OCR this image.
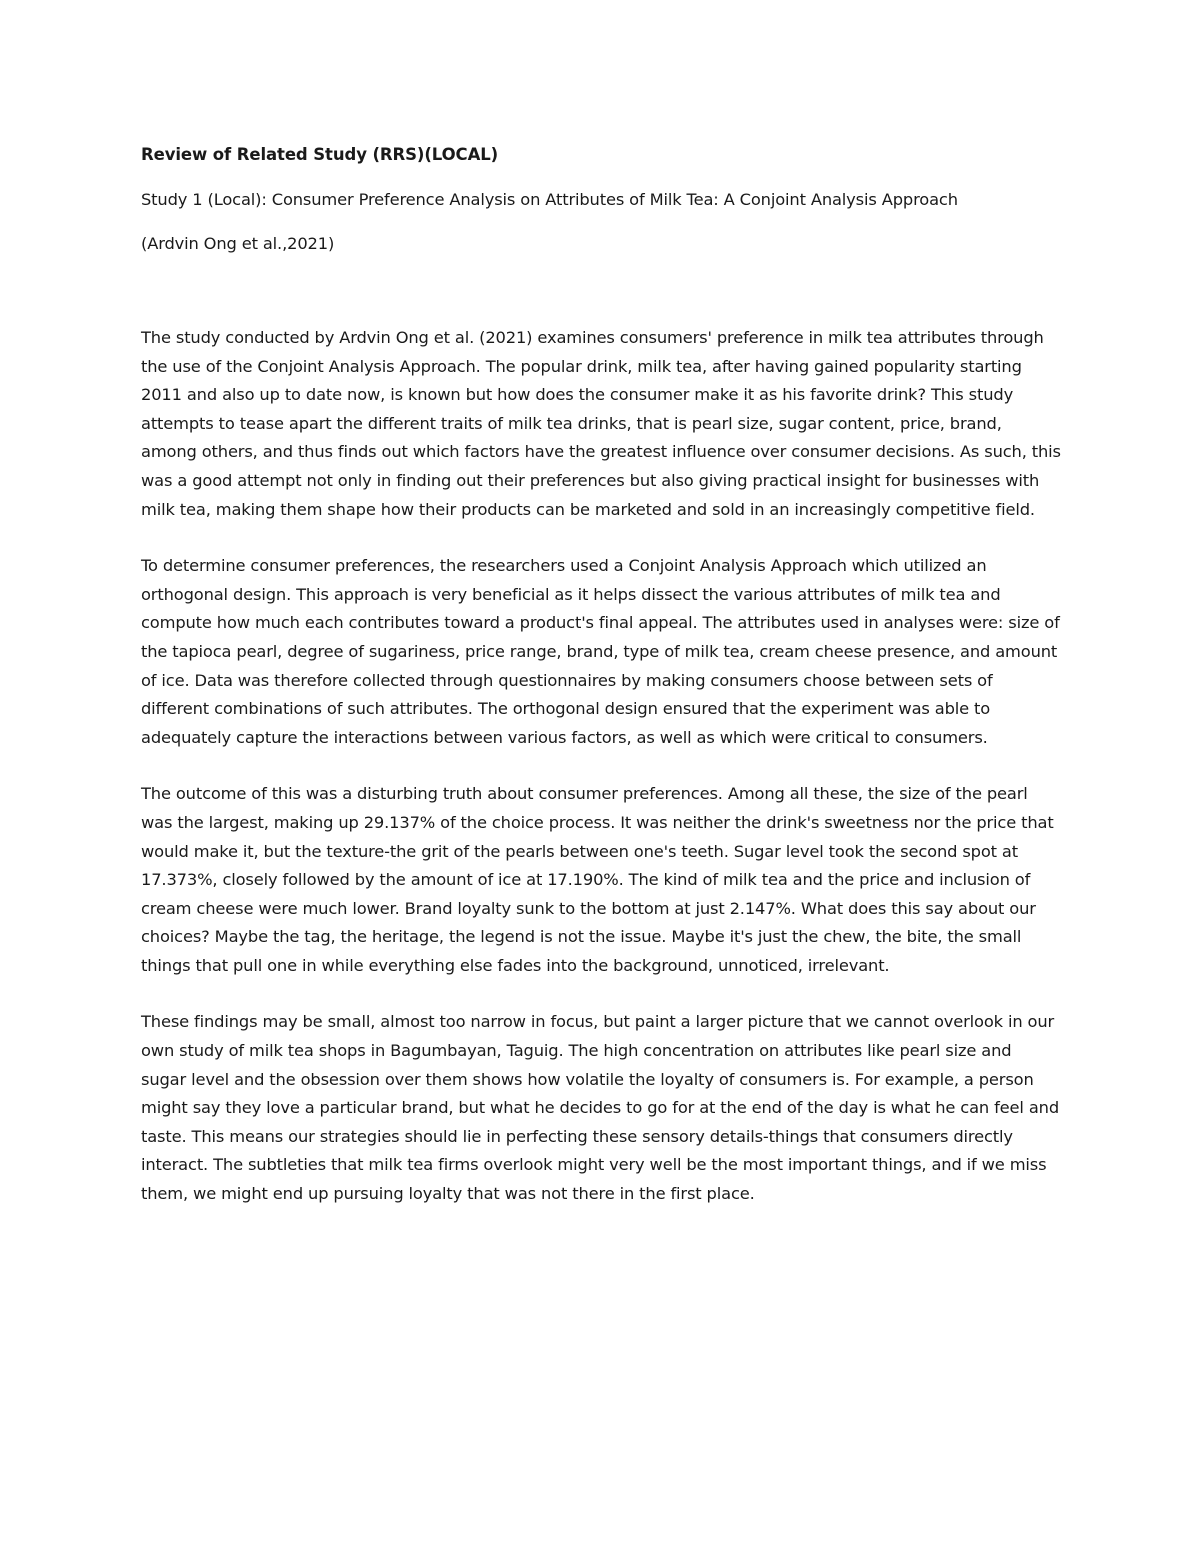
Review of Related Study (RRS)(LOCAL)
Study 1 (Local): Consumer Preference Analysis on Attributes of Milk Tea: A Conjoint Analysis Approach
(Ardvin Ong et al.,2021)

The study conducted by Ardvin Ong et al. (2021) examines consumers' preference in milk tea attributes through the use of the Conjoint Analysis Approach. The popular drink, milk tea, after having gained popularity starting 2011 and also up to date now, is known but how does the consumer make it as his favorite drink? This study attempts to tease apart the different traits of milk tea drinks, that is pearl size, sugar content, price, brand, among others, and thus finds out which factors have the greatest influence over consumer decisions. As such, this was a good attempt not only in finding out their preferences but also giving practical insight for businesses with milk tea, making them shape how their products can be marketed and sold in an increasingly competitive field.

To determine consumer preferences, the researchers used a Conjoint Analysis Approach which utilized an orthogonal design. This approach is very beneficial as it helps dissect the various attributes of milk tea and compute how much each contributes toward a product's final appeal. The attributes used in analyses were: size of the tapioca pearl, degree of sugariness, price range, brand, type of milk tea, cream cheese presence, and amount of ice. Data was therefore collected through questionnaires by making consumers choose between sets of different combinations of such attributes. The orthogonal design ensured that the experiment was able to adequately capture the interactions between various factors, as well as which were critical to consumers.

The outcome of this was a disturbing truth about consumer preferences. Among all these, the size of the pearl was the largest, making up 29.137% of the choice process. It was neither the drink's sweetness nor the price that would make it, but the texture-the grit of the pearls between one's teeth. Sugar level took the second spot at 17.373%, closely followed by the amount of ice at 17.190%. The kind of milk tea and the price and inclusion of cream cheese were much lower. Brand loyalty sunk to the bottom at just 2.147%. What does this say about our choices? Maybe the tag, the heritage, the legend is not the issue. Maybe it's just the chew, the bite, the small things that pull one in while everything else fades into the background, unnoticed, irrelevant.

These findings may be small, almost too narrow in focus, but paint a larger picture that we cannot overlook in our own study of milk tea shops in Bagumbayan, Taguig. The high concentration on attributes like pearl size and sugar level and the obsession over them shows how volatile the loyalty of consumers is. For example, a person might say they love a particular brand, but what he decides to go for at the end of the day is what he can feel and taste. This means our strategies should lie in perfecting these sensory details-things that consumers directly interact. The subtleties that milk tea firms overlook might very well be the most important things, and if we miss them, we might end up pursuing loyalty that was not there in the first place.
